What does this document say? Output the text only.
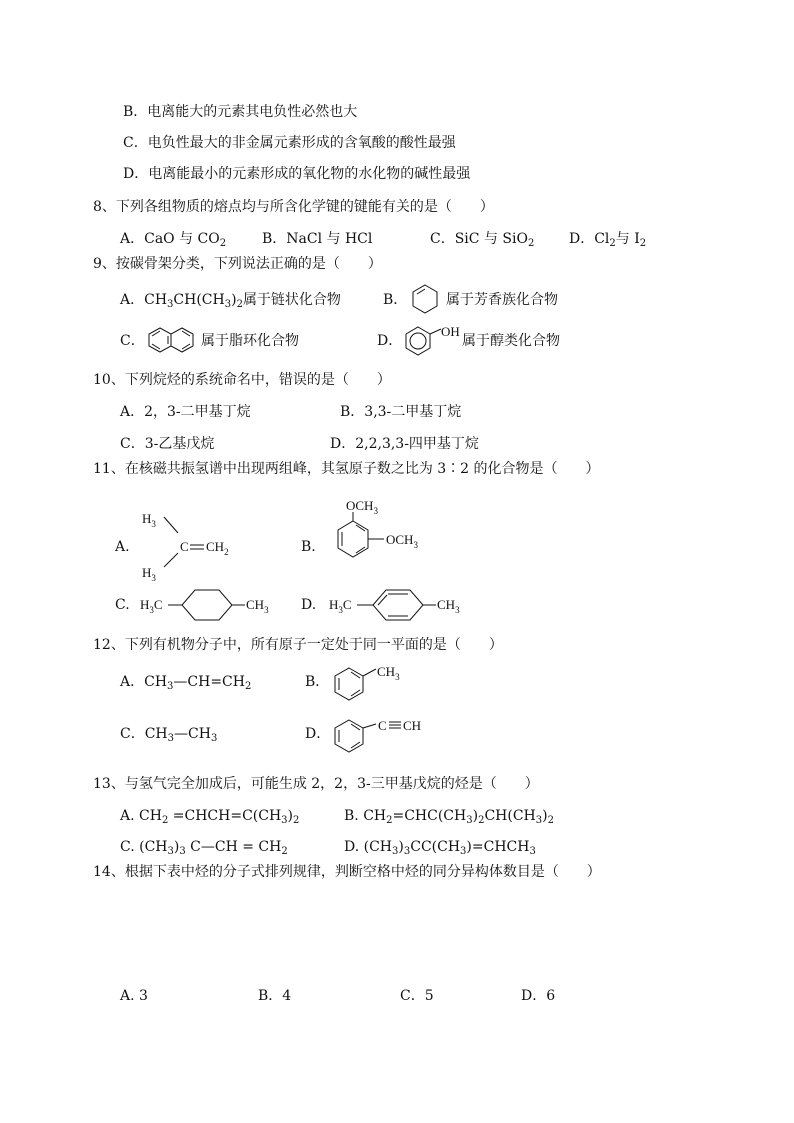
B．电离能大的元素其电负性必然也大
C．电负性最大的非金属元素形成的含氧酸的酸性最强
D．电离能最小的元素形成的氧化物的水化物的碱性最强
8、下列各组物质的熔点均与所含化学键的键能有关的是（　　）
A．CaO 与 $CO_2$	B．NaCl 与 HCl	C．SiC 与 SiO$_2$ D．$Cl_2$与 $I_2$
9、按碳骨架分类，下列说法正确的是（　　）
A．$CH_3CH(CH_3)_2$属于链状化合物	B．	属于芳香族化合物
C．	属于脂环化合物	D．
OH
属于醇类化合物
10、下列烷烃的系统命名中，错误的是（　　）
A．2，3-二甲基丁烷	B．3,3-二甲基丁烷
C．3-乙基戊烷	D．2,2,3,3-四甲基丁烷
11、在核磁共振氢谱中出现两组峰，其氢原子数之比为 3∶2 的化合物是（　　）
A.
$H_3$
C $CH_2$
$H_3$
B.
$OCH_3$
$OCH_3$
C. $H_3C$	$CH_3$ D. $H_3C$	$CH_3$
12、下列有机物分子中，所有原子一定处于同一平面的是（　　）
A．$CH_3—CH=CH_2$	B．
$CH_3$
C．$CH_3—CH_3$	D．
C CH
13、与氢气完全加成后，可能生成 2，2，3-三甲基戊烷的烃是（　　）
A. $CH_2$ $=CHCH=C(CH_3)_2$	B. $CH_2=CHC(CH_3)_2CH(CH_3)_2$
C. $(CH_3)_3$ C—CH = $CH_2$	D. $(CH_3)_3CC(CH_3)=CHCH_3$
14、根据下表中烃的分子式排列规律，判断空格中烃的同分异构体数目是（　　）
A. 3	B．4	C．5	D．6
